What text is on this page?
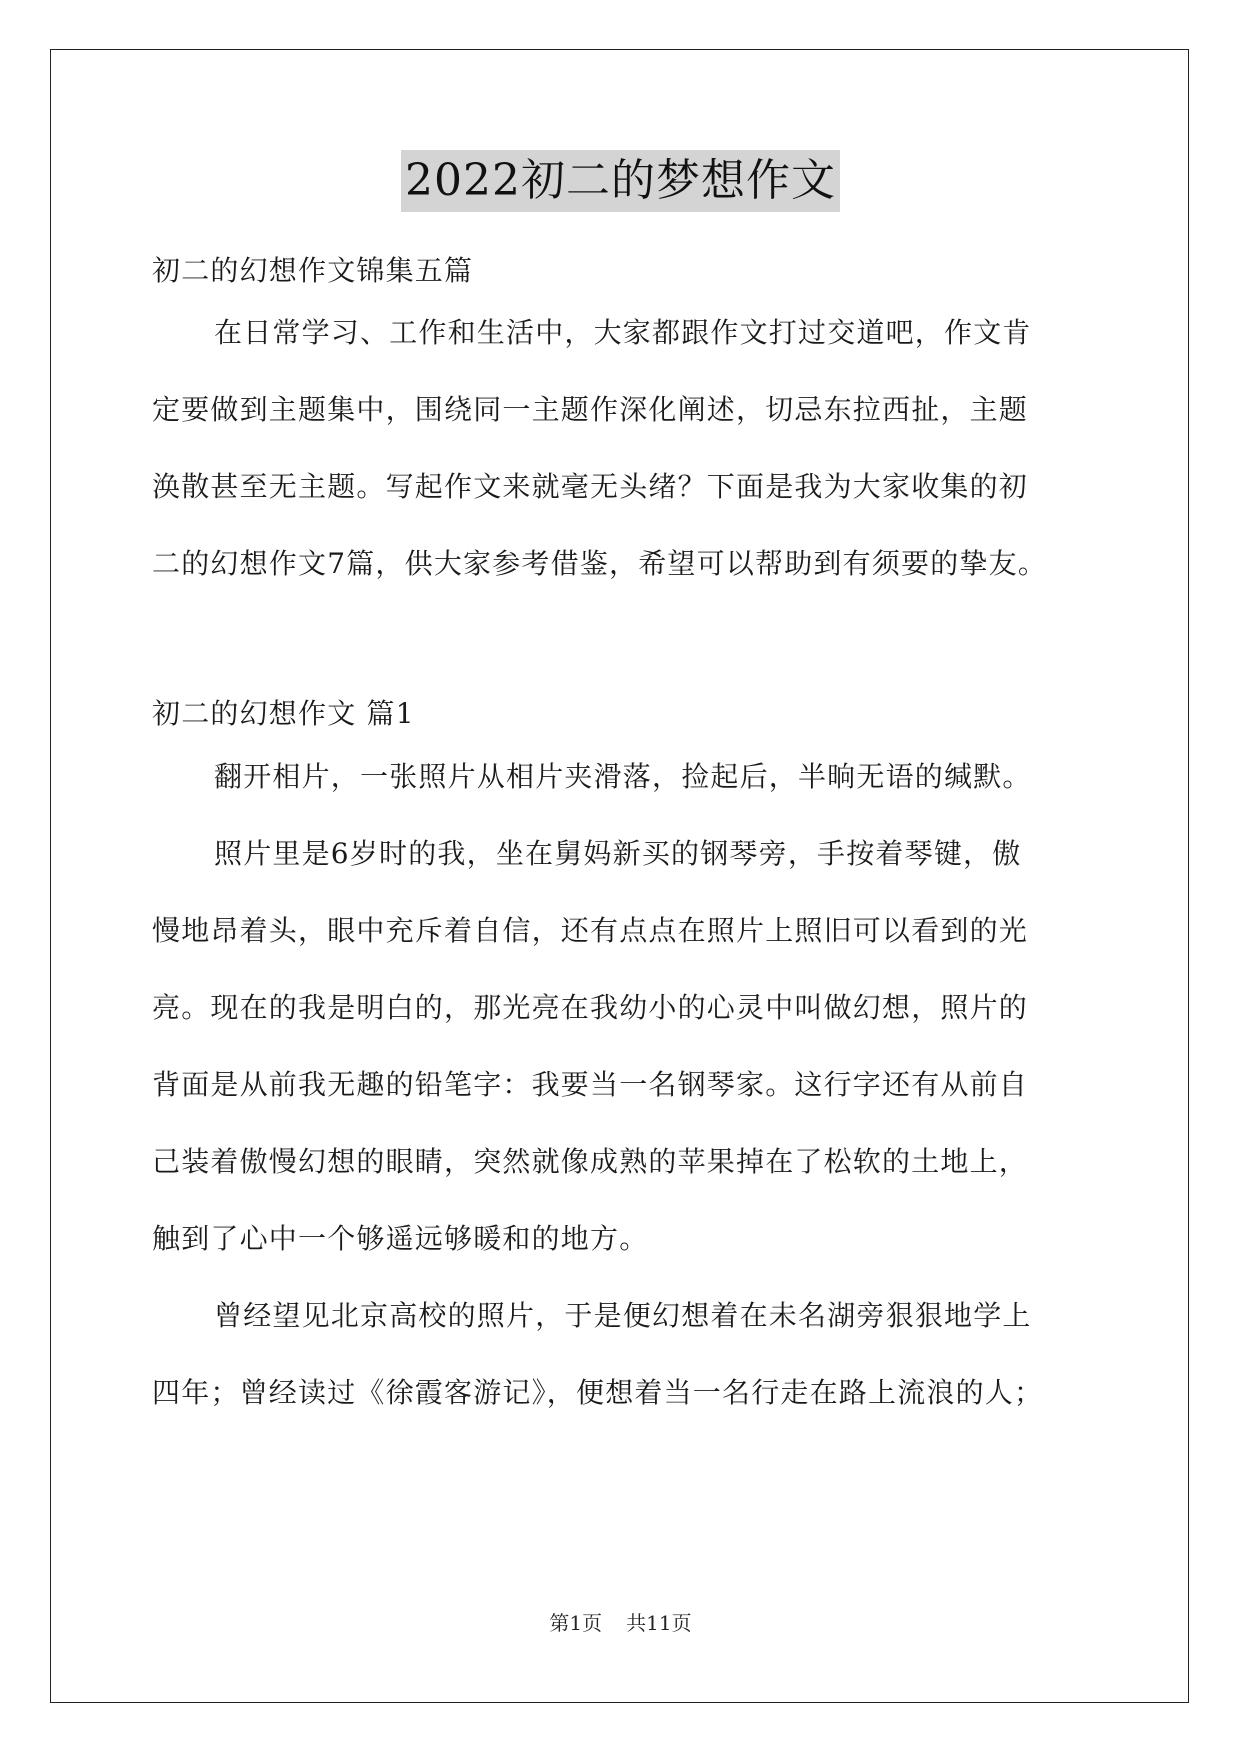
2022初二的梦想作文
初二的幻想作文锦集五篇
在日常学习、工作和生活中，大家都跟作文打过交道吧，作文肯
定要做到主题集中，围绕同一主题作深化阐述，切忌东拉西扯，主题
涣散甚至无主题。写起作文来就毫无头绪？下面是我为大家收集的初
二的幻想作文7篇，供大家参考借鉴，希望可以帮助到有须要的挚友。
初二的幻想作文 篇1
翻开相片，一张照片从相片夹滑落，捡起后，半晌无语的缄默。
照片里是6岁时的我，坐在舅妈新买的钢琴旁，手按着琴键，傲
慢地昂着头，眼中充斥着自信，还有点点在照片上照旧可以看到的光
亮。现在的我是明白的，那光亮在我幼小的心灵中叫做幻想，照片的
背面是从前我无趣的铅笔字：我要当一名钢琴家。这行字还有从前自
己装着傲慢幻想的眼睛，突然就像成熟的苹果掉在了松软的土地上，
触到了心中一个够遥远够暖和的地方。
曾经望见北京高校的照片，于是便幻想着在未名湖旁狠狠地学上
四年；曾经读过《徐霞客游记》，便想着当一名行走在路上流浪的人；
第1页 共11页
